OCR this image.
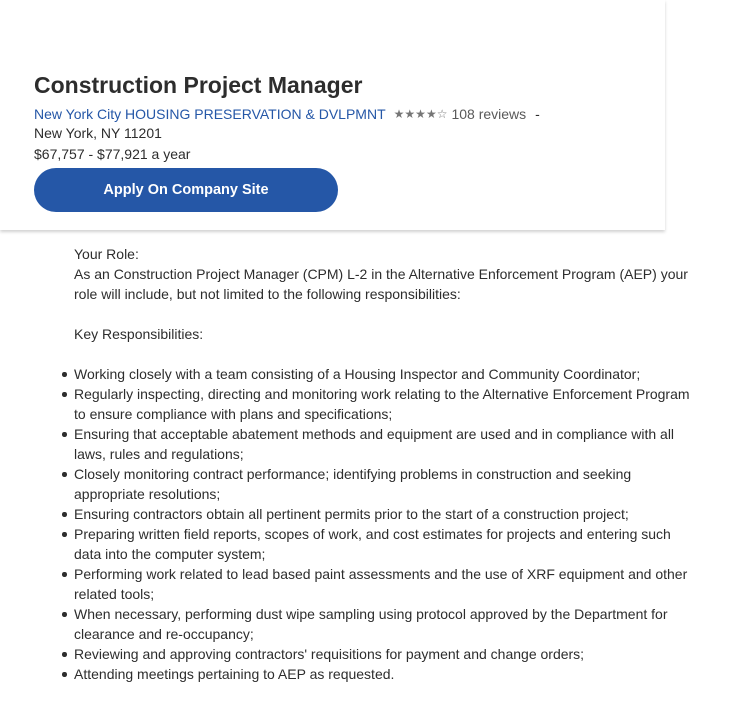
Construction Project Manager
New York City HOUSING PRESERVATION & DVLPMNT ★ ★ ★ ★ ☆ 108 reviews -
New York, NY 11201
$67,757 - $77,921 a year
Apply On Company Site

Your Role:

As an Construction Project Manager (CPM) L-2 in the Alternative Enforcement Program (AEP) your role will include, but not limited to the following responsibilities:

Key Responsibilities:

Working closely with a team consisting of a Housing Inspector and Community Coordinator;
Regularly inspecting, directing and monitoring work relating to the Alternative Enforcement Program to ensure compliance with plans and specifications;
Ensuring that acceptable abatement methods and equipment are used and in compliance with all laws, rules and regulations;
Closely monitoring contract performance; identifying problems in construction and seeking appropriate resolutions;
Ensuring contractors obtain all pertinent permits prior to the start of a construction project;
Preparing written field reports, scopes of work, and cost estimates for projects and entering such data into the computer system;
Performing work related to lead based paint assessments and the use of XRF equipment and other related tools;
When necessary, performing dust wipe sampling using protocol approved by the Department for clearance and re-occupancy;
Reviewing and approving contractors' requisitions for payment and change orders;
Attending meetings pertaining to AEP as requested.
